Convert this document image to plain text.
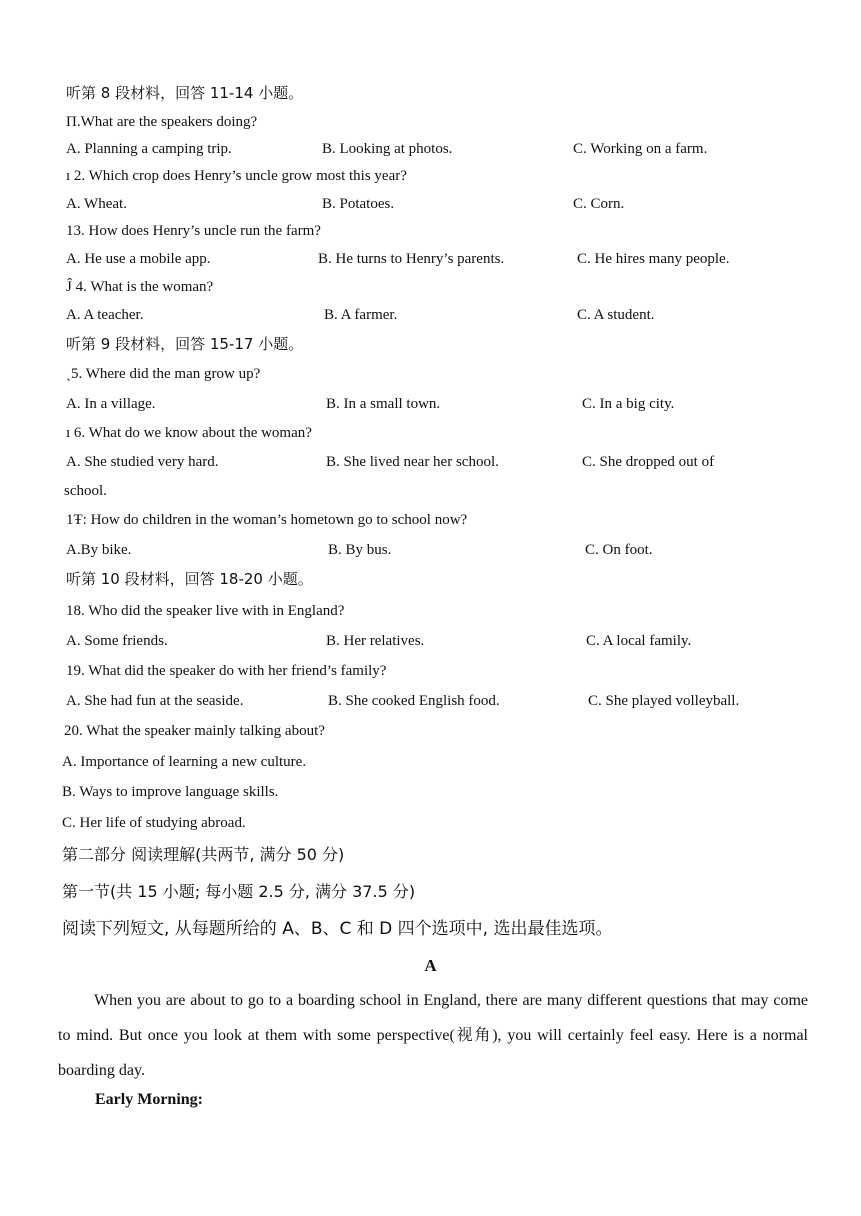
听第 8 段材料，回答 11-14 小题。
П.What are the speakers doing?
A. Planning a camping trip.	B. Looking at photos.	C. Working on a farm.
ı 2. Which crop does Henry’s uncle grow most this year?
A. Wheat.	B. Potatoes.	C. Corn.
13. How does Henry’s uncle run the farm?
A. He use a mobile app.	B. He turns to Henry’s parents.	C. He hires many people.
Ĵ 4. What is the woman?
A. A teacher.	B. A farmer.	C. A student.
听第 9 段材料，回答 15-17 小题。
ˎ5. Where did the man grow up?
A. In a village.	B. In a small town.	C. In a big city.
ı 6. What do we know about the woman?
A. She studied very hard.	B. She lived near her school.	C. She dropped out of
school.
1Ŧ: How do children in the woman’s hometown go to school now?
A.By bike.	B. By bus.	C. On foot.
听第 10 段材料，回答 18-20 小题。
18. Who did the speaker live with in England?
A. Some friends.	B. Her relatives.	C. A local family.
19. What did the speaker do with her friend’s family?
A. She had fun at the seaside.	B. She cooked English food.	C. She played volleyball.
20. What the speaker mainly talking about?
A. Importance of learning a new culture.
B. Ways to improve language skills.
C. Her life of studying abroad.
第二部分 阅读理解(共两节, 满分 50 分)
第一节(共 15 小题; 每小题 2.5 分, 满分 37.5 分)
阅读下列短文, 从每题所给的 A、B、C 和 D 四个选项中, 选出最佳选项。
A
When you are about to go to a boarding school in England, there are many different questions that may come to mind. But once you look at them with some perspective(视角), you will certainly feel easy. Here is a normal boarding day.
Early Morning:
